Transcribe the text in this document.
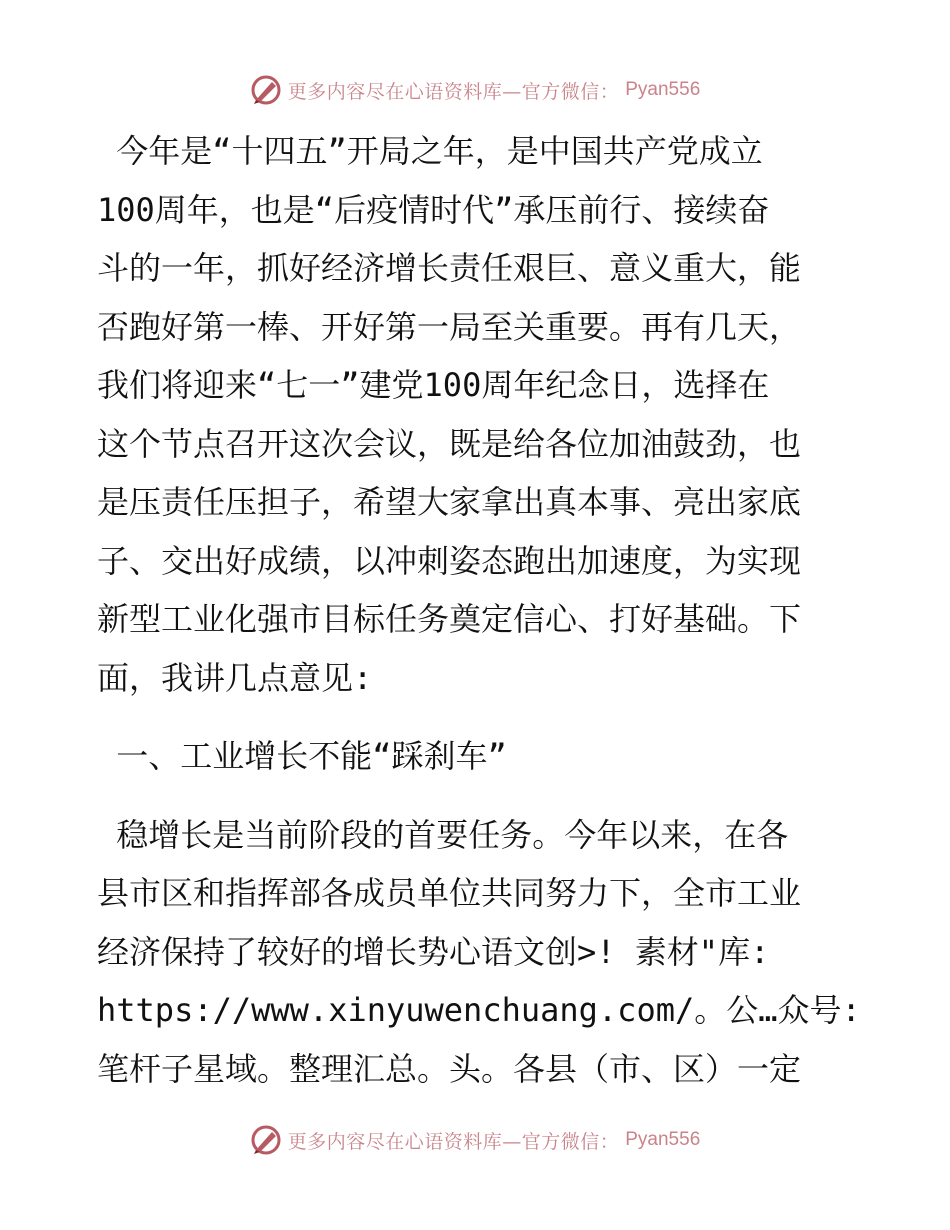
更多内容尽在心语资料库—官方微信： Pyan556
今年是“十四五”开局之年，是中国共产党成立
100周年，也是“后疫情时代”承压前行、接续奋
斗的一年，抓好经济增长责任艰巨、意义重大，能
否跑好第一棒、开好第一局至关重要。再有几天，
我们将迎来“七一”建党100周年纪念日，选择在
这个节点召开这次会议，既是给各位加油鼓劲，也
是压责任压担子，希望大家拿出真本事、亮出家底
子、交出好成绩，以冲刺姿态跑出加速度，为实现
新型工业化强市目标任务奠定信心、打好基础。下
面，我讲几点意见:
一、工业增长不能“踩刹车”
稳增长是当前阶段的首要任务。今年以来，在各
县市区和指挥部各成员单位共同努力下，全市工业
经济保持了较好的增长势心语文创>! 素材"库:
https://www.xinyuwenchuang.com/。公…众号:
笔杆子星域。整理汇总。头。各县（市、区）一定
更多内容尽在心语资料库—官方微信： Pyan556
